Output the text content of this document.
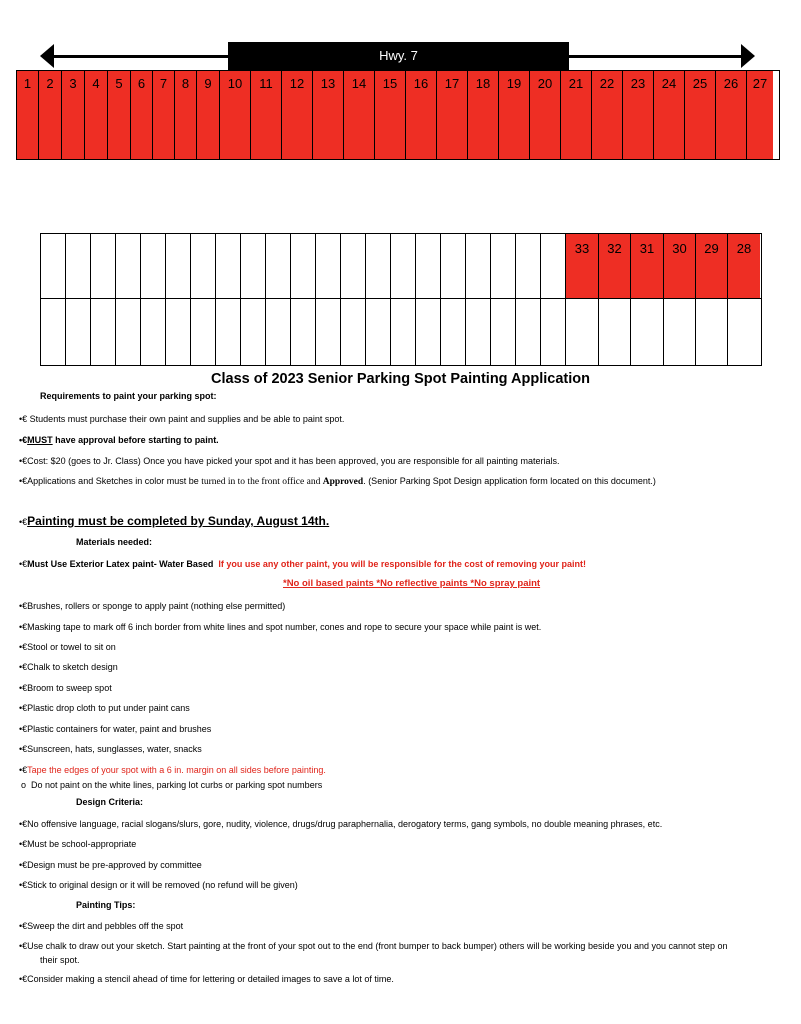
Hwy. 7
1	2	3	4	5	6	7	8	9	10	11	12	13	14	15	16	17	18	19	20	21	22	23	24	25	26	27
33	32	31	30	29	28
Class of 2023 Senior Parking Spot Painting Application
Requirements to paint your parking spot:
•€ Students must purchase their own paint and supplies and be able to paint spot.
•€MUST have approval before starting to paint.
•€Cost: $20 (goes to Jr. Class) Once you have picked your spot and it has been approved, you are responsible for all painting materials.
•€Applications and Sketches in color must be turned in to the front office and Approved. (Senior Parking Spot Design application form located on this document.)
•€Painting must be completed by Sunday, August 14th.
Materials needed:
•€Must Use Exterior Latex paint- Water Based If you use any other paint, you will be responsible for the cost of removing your paint!
*No oil based paints *No reflective paints *No spray paint
•€Brushes, rollers or sponge to apply paint (nothing else permitted)
•€Masking tape to mark off 6 inch border from white lines and spot number, cones and rope to secure your space while paint is wet.
•€Stool or towel to sit on
•€Chalk to sketch design
•€Broom to sweep spot
•€Plastic drop cloth to put under paint cans
•€Plastic containers for water, paint and brushes
•€Sunscreen, hats, sunglasses, water, snacks
•€Tape the edges of your spot with a 6 in. margin on all sides before painting.
o Do not paint on the white lines, parking lot curbs or parking spot numbers
Design Criteria:
•€No offensive language, racial slogans/slurs, gore, nudity, violence, drugs/drug paraphernalia, derogatory terms, gang symbols, no double meaning phrases, etc.
•€Must be school-appropriate
•€Design must be pre-approved by committee
•€Stick to original design or it will be removed (no refund will be given)
Painting Tips:
•€Sweep the dirt and pebbles off the spot
•€Use chalk to draw out your sketch. Start painting at the front of your spot out to the end (front bumper to back bumper) others will be working beside you and you cannot step on
their spot.
•€Consider making a stencil ahead of time for lettering or detailed images to save a lot of time.
